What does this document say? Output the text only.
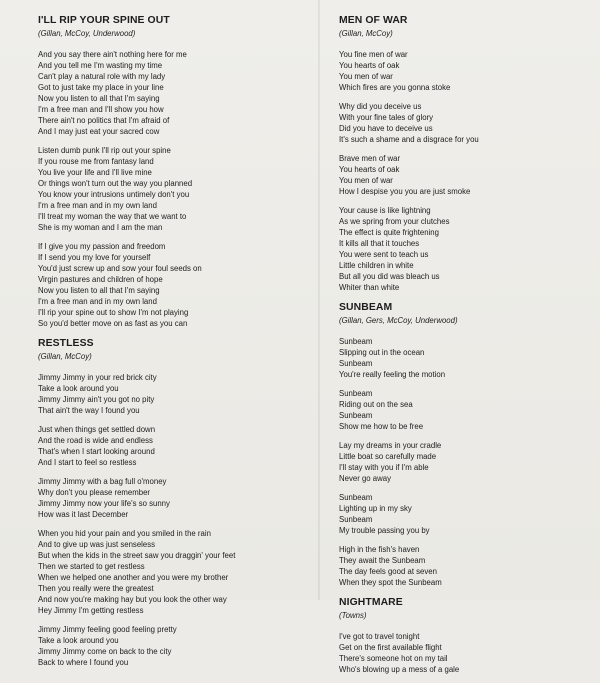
I'LL RIP YOUR SPINE OUT
(Gillan, McCoy, Underwood)
And you say there ain't nothing here for me
And you tell me I'm wasting my time
Can't play a natural role with my lady
Got to just take my place in your line
Now you listen to all that I'm saying
I'm a free man and I'll show you how
There ain't no politics that I'm afraid of
And I may just eat your sacred cow
Listen dumb punk I'll rip out your spine
If you rouse me from fantasy land
You live your life and I'll live mine
Or things won't turn out the way you planned
You know your intrusions untimely don't you
I'm a free man and in my own land
I'll treat my woman the way that we want to
She is my woman and I am the man
If I give you my passion and freedom
If I send you my love for yourself
You'd just screw up and sow your foul seeds on
Virgin pastures and children of hope
Now you listen to all that I'm saying
I'm a free man and in my own land
I'll rip your spine out to show I'm not playing
So you'd better move on as fast as you can
RESTLESS
(Gillan, McCoy)
Jimmy Jimmy in your red brick city
Take a look around you
Jimmy Jimmy ain't you got no pity
That ain't the way I found you
Just when things get settled down
And the road is wide and endless
That's when I start looking around
And I start to feel so restless
Jimmy Jimmy with a bag full o'money
Why don't you please remember
Jimmy Jimmy now your life's so sunny
How was it last December
When you hid your pain and you smiled in the rain
And to give up was just senseless
But when the kids in the street saw you draggin' your feet
Then we started to get restless
When we helped one another and you were my brother
Then you really were the greatest
And now you're making hay but you look the other way
Hey Jimmy I'm getting restless
Jimmy Jimmy feeling good feeling pretty
Take a look around you
Jimmy Jimmy come on back to the city
Back to where I found you
MEN OF WAR
(Gillan, McCoy)
You fine men of war
You hearts of oak
You men of war
Which fires are you gonna stoke
Why did you deceive us
With your fine tales of glory
Did you have to deceive us
It's such a shame and a disgrace for you
Brave men of war
You hearts of oak
You men of war
How I despise you you are just smoke
Your cause is like lightning
As we spring from your clutches
The effect is quite frightening
It kills all that it touches
You were sent to teach us
Little children in white
But all you did was bleach us
Whiter than white
SUNBEAM
(Gillan, Gers, McCoy, Underwood)
Sunbeam
Slipping out in the ocean
Sunbeam
You're really feeling the motion
Sunbeam
Riding out on the sea
Sunbeam
Show me how to be free
Lay my dreams in your cradle
Little boat so carefully made
I'll stay with you if I'm able
Never go away
Sunbeam
Lighting up in my sky
Sunbeam
My trouble passing you by
High in the fish's haven
They await the Sunbeam
The day feels good at seven
When they spot the Sunbeam
NIGHTMARE
(Towns)
I've got to travel tonight
Get on the first available flight
There's someone hot on my tail
Who's blowing up a mess of a gale
